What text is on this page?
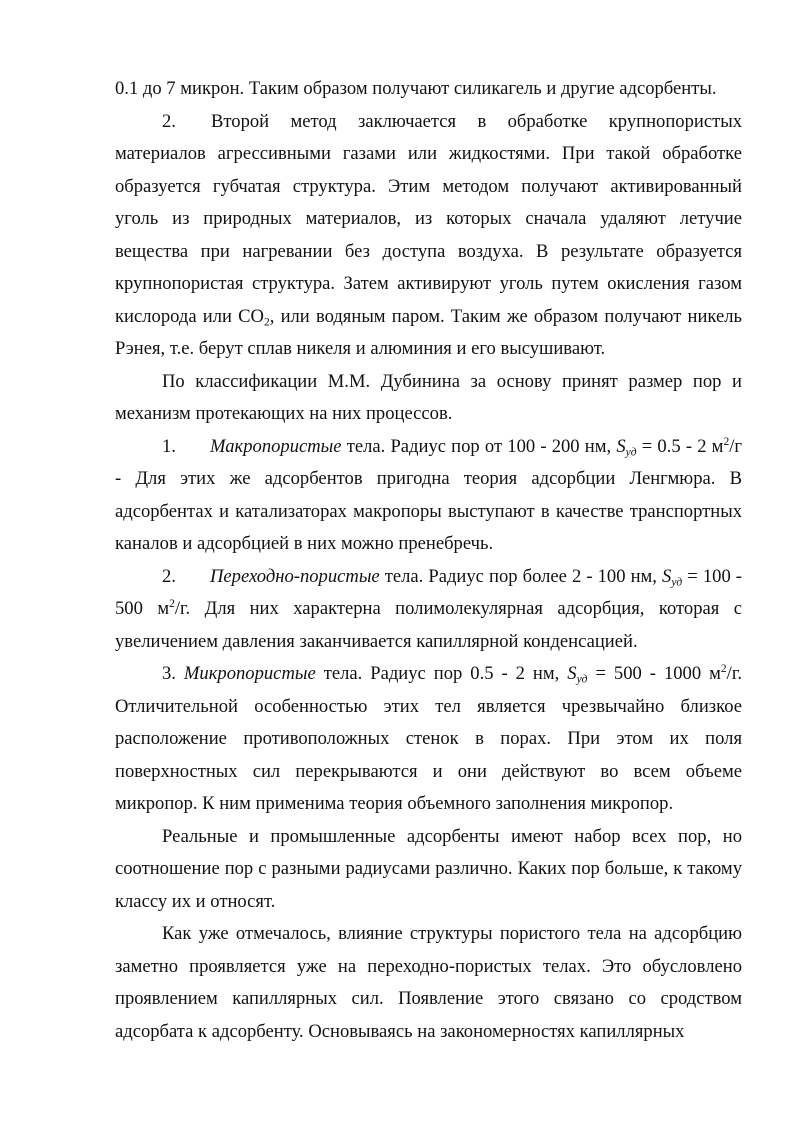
0.1 до 7 микрон. Таким образом получают силикагель и другие адсорбенты.

2. Второй метод заключается в обработке крупнопористых материалов агрессивными газами или жидкостями. При такой обработке образуется губчатая структура. Этим методом получают активированный уголь из природных материалов, из которых сначала удаляют летучие вещества при нагревании без доступа воздуха. В результате образуется крупнопористая структура. Затем активируют уголь путем окисления газом кислорода или $CO_2$, или водяным паром. Таким же образом получают никель Рэнея, т.е. берут сплав никеля и алюминия и его высушивают.

По классификации М.М. Дубинина за основу принят размер пор и механизм протекающих на них процессов.

1. Макропористые тела. Радиус пор от 100 - 200 нм, $S_{уд} = 0.5 - 2$ $м^2/г$ - Для этих же адсорбентов пригодна теория адсорбции Ленгмюра. В адсорбентах и катализаторах макропоры выступают в качестве транспортных каналов и адсорбцией в них можно пренебречь.

2. Переходно-пористые тела. Радиус пор более 2 - 100 нм, $S_{уд} = 100 - 500$ $м^2/г$. Для них характерна полимолекулярная адсорбция, которая с увеличением давления заканчивается капиллярной конденсацией.

3. Микропористые тела. Радиус пор 0.5 - 2 нм, $S_{уд} = 500 - 1000$ $м^2/г$. Отличительной особенностью этих тел является чрезвычайно близкое расположение противоположных стенок в порах. При этом их поля поверхностных сил перекрываются и они действуют во всем объеме микропор. К ним применима теория объемного заполнения микропор.

Реальные и промышленные адсорбенты имеют набор всех пор, но соотношение пор с разными радиусами различно. Каких пор больше, к такому классу их и относят.

Как уже отмечалось, влияние структуры пористого тела на адсорбцию заметно проявляется уже на переходно-пористых телах. Это обусловлено проявлением капиллярных сил. Появление этого связано со сродством адсорбата к адсорбенту. Основываясь на закономерностях капиллярных
